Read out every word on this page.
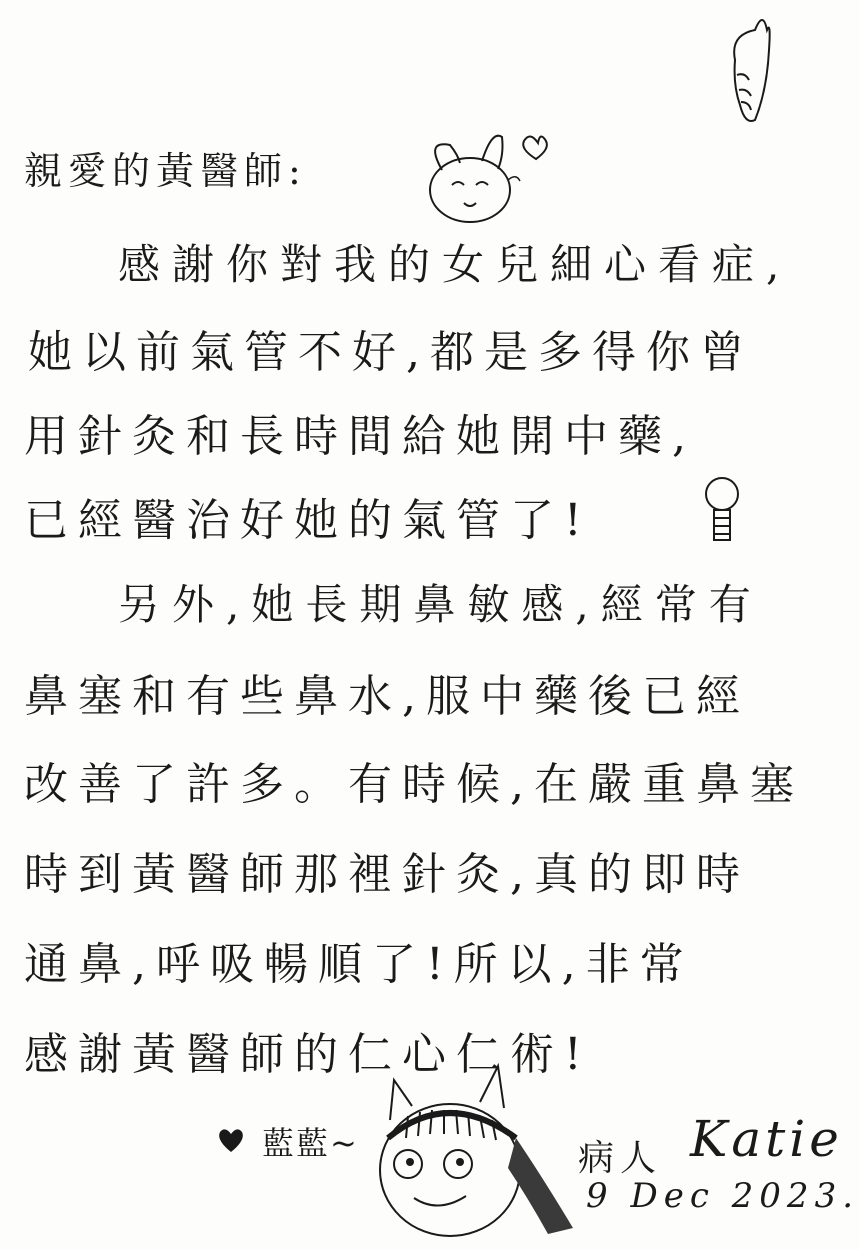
親愛的黃醫師:
感謝你對我的女兒細心看症,
她以前氣管不好,都是多得你曾
用針灸和長時間給她開中藥,
已經醫治好她的氣管了!
另外,她長期鼻敏感,經常有
鼻塞和有些鼻水,服中藥後已經
改善了許多。有時候,在嚴重鼻塞
時到黃醫師那裡針灸,真的即時
通鼻,呼吸暢順了!所以,非常
感謝黃醫師的仁心仁術!
藍藍~	病人 Katie
9 Dec 2023.
